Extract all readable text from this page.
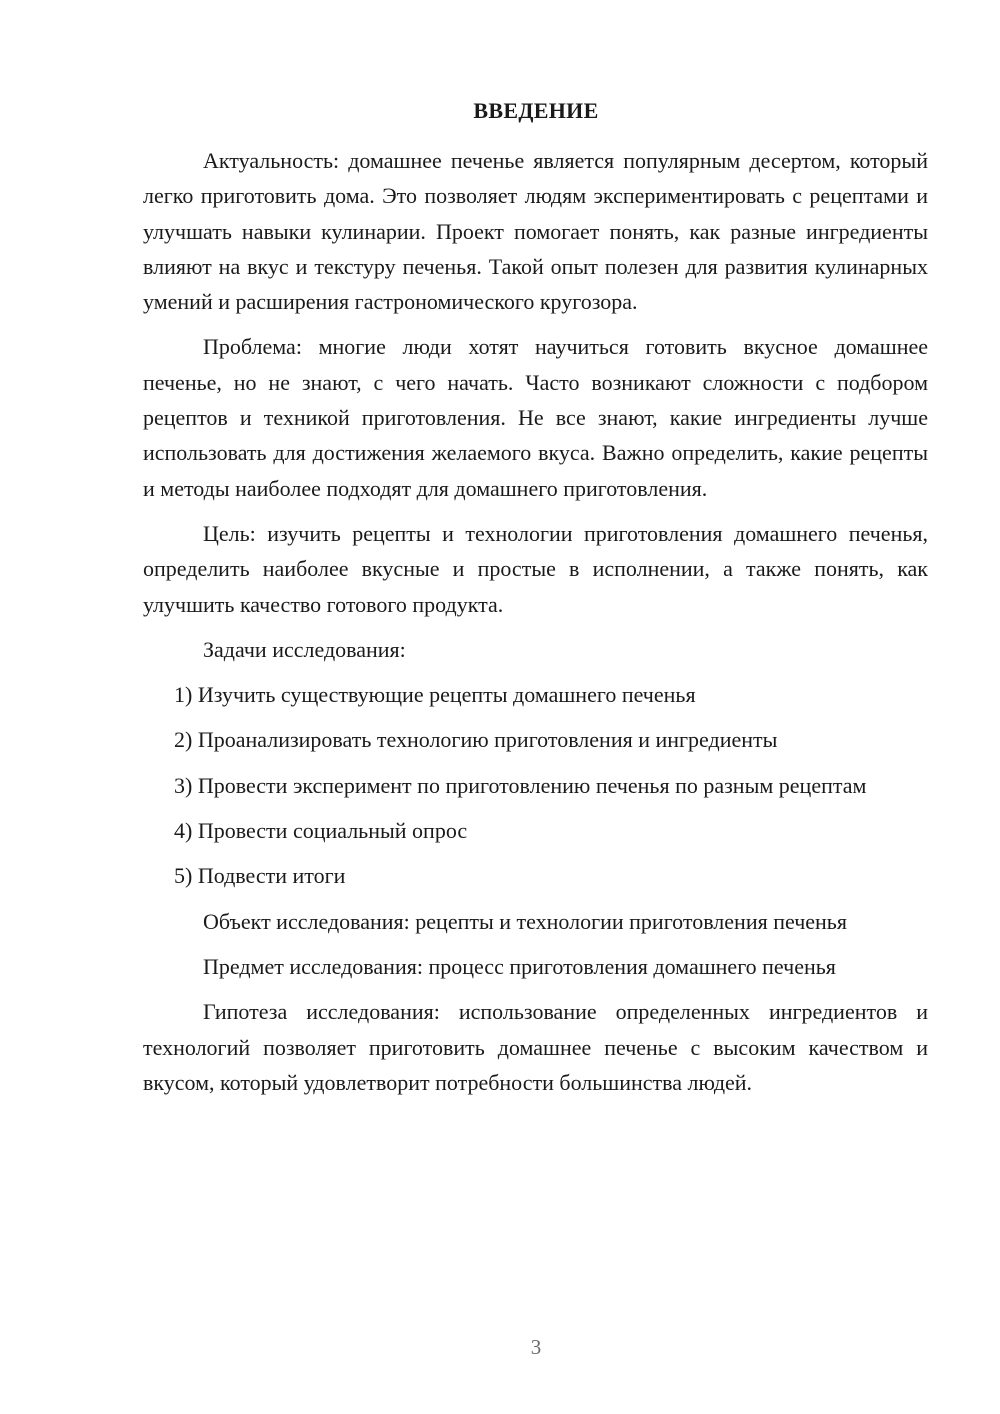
ВВЕДЕНИЕ

Актуальность: домашнее печенье является популярным десертом, который легко приготовить дома. Это позволяет людям экспериментировать с рецептами и улучшать навыки кулинарии. Проект помогает понять, как разные ингредиенты влияют на вкус и текстуру печенья. Такой опыт полезен для развития кулинарных умений и расширения гастрономического кругозора.

Проблема: многие люди хотят научиться готовить вкусное домашнее печенье, но не знают, с чего начать. Часто возникают сложности с подбором рецептов и техникой приготовления. Не все знают, какие ингредиенты лучше использовать для достижения желаемого вкуса. Важно определить, какие рецепты и методы наиболее подходят для домашнего приготовления.

Цель: изучить рецепты и технологии приготовления домашнего печенья, определить наиболее вкусные и простые в исполнении, а также понять, как улучшить качество готового продукта.

Задачи исследования:

1) Изучить существующие рецепты домашнего печенья

2) Проанализировать технологию приготовления и ингредиенты

3) Провести эксперимент по приготовлению печенья по разным рецептам

4) Провести социальный опрос

5) Подвести итоги

Объект исследования: рецепты и технологии приготовления печенья

Предмет исследования: процесс приготовления домашнего печенья

Гипотеза исследования: использование определенных ингредиентов и технологий позволяет приготовить домашнее печенье с высоким качеством и вкусом, который удовлетворит потребности большинства людей.

3
